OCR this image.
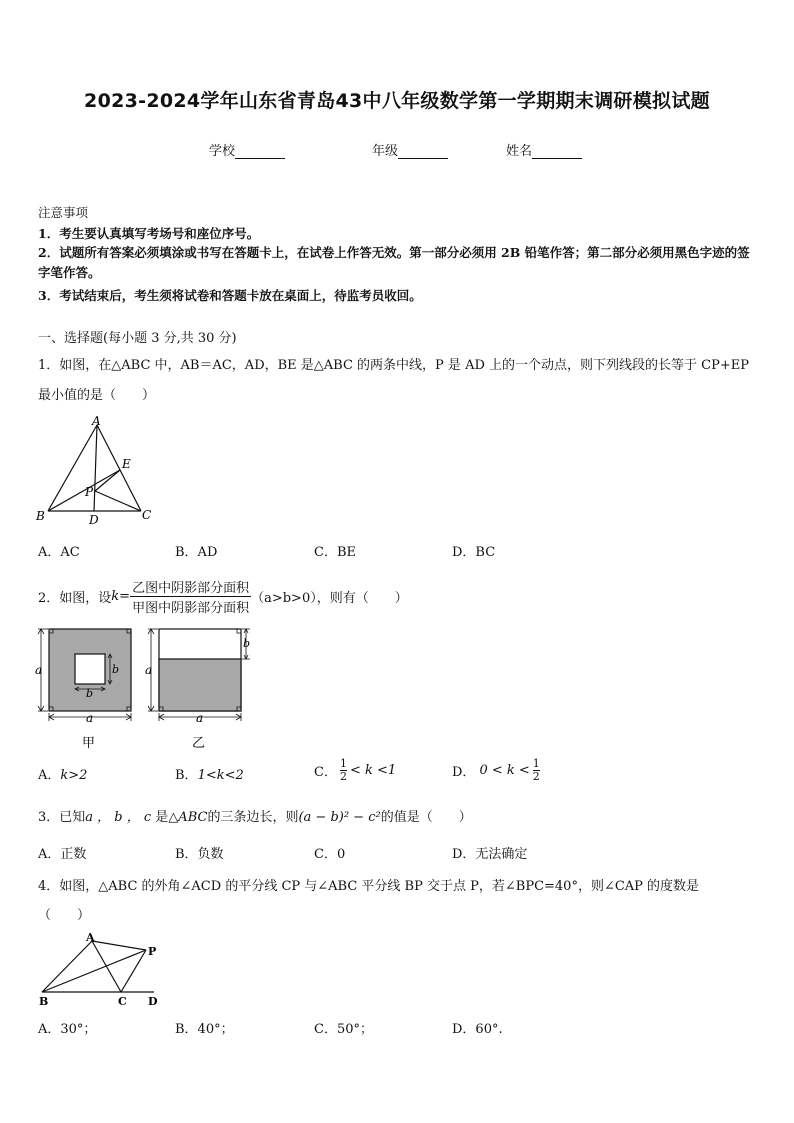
2023-2024学年山东省青岛43中八年级数学第一学期期末调研模拟试题
学校	年级	姓名
注意事项
1．考生要认真填写考场号和座位序号。
2．试题所有答案必须填涂或书写在答题卡上，在试卷上作答无效。第一部分必须用 2B 铅笔作答；第二部分必须用黑色字迹的签字笔作答。
3．考试结束后，考生须将试卷和答题卡放在桌面上，待监考员收回。
一、选择题(每小题 3 分,共 30 分)
1．如图，在△ABC 中，AB＝AC，AD，BE 是△ABC 的两条中线，P 是 AD 上的一个动点，则下列线段的长等于 CP+EP
最小值的是（　　）
A
E
P
B	D	C
A．AC	B．AD	C．BE	D．BC
2．如图，设 $k = \frac{\text{乙图中阴影部分面积}}{\text{甲图中阴影部分面积}} (a>b>0)$，则有（　　）
a
a
b
b
甲
a
a
b
乙
A．k>2	B．1<k<2	C． $\frac{1}{2} < k <1$	D． $0 < k < \frac{1}{2}$
3．已知a ， b ， c 是△ABC的三条边长，则(a − b)² − c²的值是（　　）
A．正数	B．负数	C．0	D．无法确定
4．如图，△ABC 的外角∠ACD 的平分线 CP 与∠ABC 平分线 BP 交于点 P，若∠BPC=40°，则∠CAP 的度数是
（　　）
A
P
B	C D
A．30°；	B．40°；	C．50°；	D．60°.
